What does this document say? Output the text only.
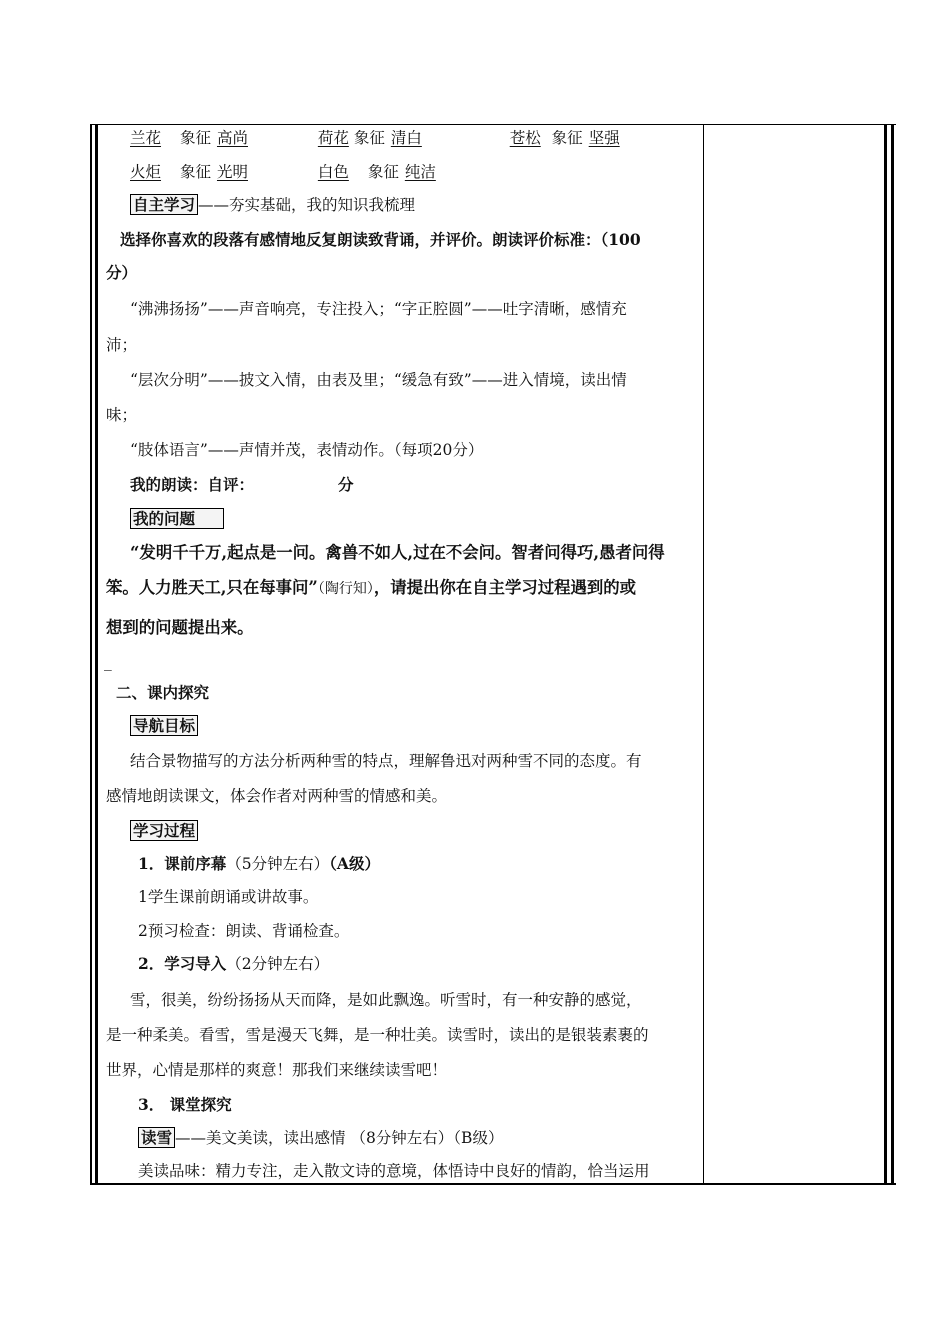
兰花 象征 高尚	荷花 象征 清白	苍松 象征 坚强
火炬 象征 光明	白色 象征 纯洁
自主学习 ——夯实基础，我的知识我梳理
选择你喜欢的段落有感情地反复朗读致背诵，并评价。朗读评价标准：（100
分）
“沸沸扬扬”——声音响亮，专注投入；“字正腔圆”——吐字清晰，感情充
沛；
“层次分明”——披文入情，由表及里；“缓急有致”——进入情境，读出情
味；
“肢体语言”——声情并茂，表情动作。（每项20分）
我的朗读：自评：	分
我的问题
“发明千千万,起点是一问。禽兽不如人,过在不会问。智者问得巧,愚者问得
笨。人力胜天工,只在每事问”（陶行知），请提出你在自主学习过程遇到的或
想到的问题提出来。
_
二、课内探究
导航目标
结合景物描写的方法分析两种雪的特点，理解鲁迅对两种雪不同的态度。有
感情地朗读课文，体会作者对两种雪的情感和美。
学习过程
1．课前序幕（5分钟左右）（A级）
1学生课前朗诵或讲故事。
2预习检查：朗读、背诵检查。
2．学习导入（2分钟左右）
雪，很美，纷纷扬扬从天而降，是如此飘逸。听雪时，有一种安静的感觉，
是一种柔美。看雪，雪是漫天飞舞，是一种壮美。读雪时，读出的是银装素裹的
世界，心情是那样的爽意！那我们来继续读雪吧！
3． 课堂探究
读雪 ——美文美读，读出感情 （8分钟左右）（B级）
美读品味：精力专注，走入散文诗的意境，体悟诗中良好的情韵，恰当运用
